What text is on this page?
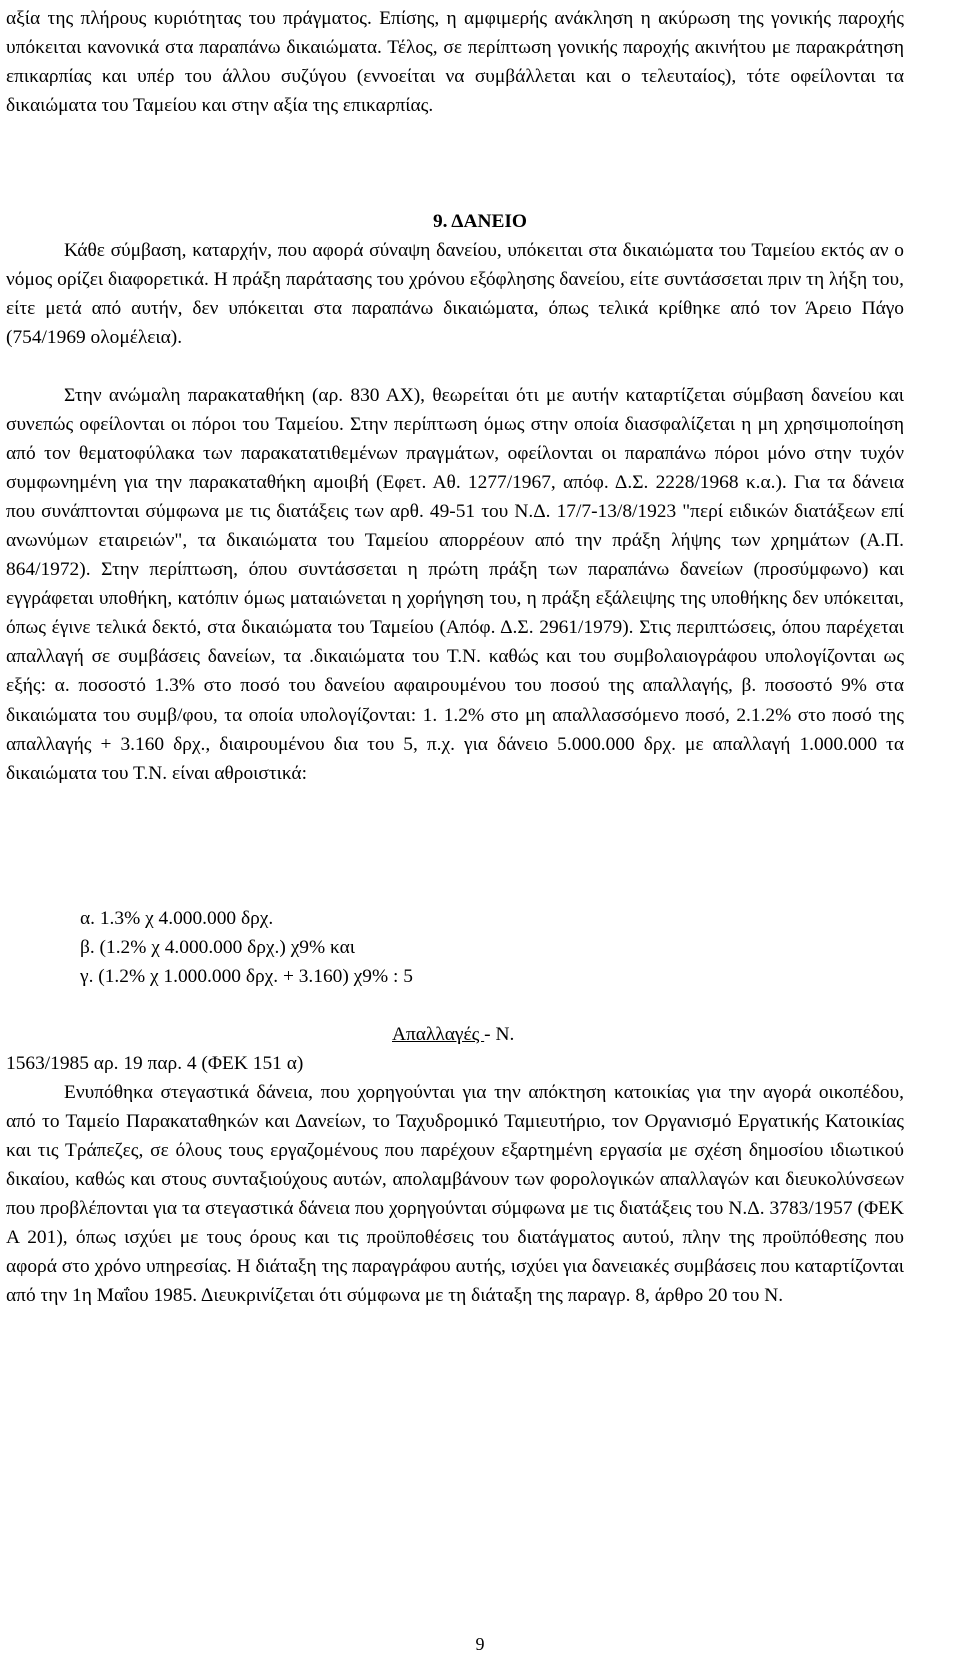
αξία της πλήρους κυριότητας του πράγματος. Επίσης, η αμφιμερής ανάκληση η ακύρωση της γονικής παροχής υπόκειται κανονικά στα παραπάνω δικαιώματα. Τέλος, σε περίπτωση γονικής παροχής ακινήτου με παρακράτηση επικαρπίας και υπέρ του άλλου συζύγου (εννοείται να συμβάλλεται και ο τελευταίος), τότε οφείλονται τα δικαιώματα του Ταμείου και στην αξία της επικαρπίας.

9. ΔΑΝΕΙΟ

Κάθε σύμβαση, καταρχήν, που αφορά σύναψη δανείου, υπόκειται στα δικαιώματα του Ταμείου εκτός αν ο νόμος ορίζει διαφορετικά. Η πράξη παράτασης του χρόνου εξόφλησης δανείου, είτε συντάσσεται πριν τη λήξη του, είτε μετά από αυτήν, δεν υπόκειται στα παραπάνω δικαιώματα, όπως τελικά κρίθηκε από τον Άρειο Πάγο (754/1969 ολομέλεια).

Στην ανώμαλη παρακαταθήκη (αρ. 830 ΑΧ), θεωρείται ότι με αυτήν καταρτίζεται σύμβαση δανείου και συνεπώς οφείλονται οι πόροι του Ταμείου. Στην περίπτωση όμως στην οποία διασφαλίζεται η μη χρησιμοποίηση από τον θεματοφύλακα των παρακατατιθεμένων πραγμάτων, οφείλονται οι παραπάνω πόροι μόνο στην τυχόν συμφωνημένη για την παρακαταθήκη αμοιβή (Εφετ. Αθ. 1277/1967, απόφ. Δ.Σ. 2228/1968 κ.α.). Για τα δάνεια που συνάπτονται σύμφωνα με τις διατάξεις των αρθ. 49-51 του Ν.Δ. 17/7-13/8/1923 "περί ειδικών διατάξεων επί ανωνύμων εταιρειών", τα δικαιώματα του Ταμείου απορρέουν από την πράξη λήψης των χρημάτων (Α.Π. 864/1972). Στην περίπτωση, όπου συντάσσεται η πρώτη πράξη των παραπάνω δανείων (προσύμφωνο) και εγγράφεται υποθήκη, κατόπιν όμως ματαιώνεται η χορήγηση του, η πράξη εξάλειψης της υποθήκης δεν υπόκειται, όπως έγινε τελικά δεκτό, στα δικαιώματα του Ταμείου (Απόφ. Δ.Σ. 2961/1979). Στις περιπτώσεις, όπου παρέχεται απαλλαγή σε συμβάσεις δανείων, τα .δικαιώματα του Τ.Ν. καθώς και του συμβολαιογράφου υπολογίζονται ως εξής: α. ποσοστό 1.3% στο ποσό του δανείου αφαιρουμένου του ποσού της απαλλαγής, β. ποσοστό 9% στα δικαιώματα του συμβ/φου, τα οποία υπολογίζονται: 1. 1.2% στο μη απαλλασσόμενο ποσό, 2.1.2% στο ποσό της απαλλαγής + 3.160 δρχ., διαιρουμένου δια του 5, π.χ. για δάνειο 5.000.000 δρχ. με απαλλαγή 1.000.000 τα δικαιώματα του Τ.Ν. είναι αθροιστικά:

α. 1.3% χ 4.000.000 δρχ.

β. (1.2% χ 4.000.000 δρχ.) χ9% και

γ. (1.2% χ 1.000.000 δρχ. + 3.160) χ9% : 5

Απαλλαγές - Ν.

1563/1985 αρ. 19 παρ. 4 (ΦΕΚ 151 α)

Ενυπόθηκα στεγαστικά δάνεια, που χορηγούνται για την απόκτηση κατοικίας για την αγορά οικοπέδου, από το Ταμείο Παρακαταθηκών και Δανείων, το Ταχυδρομικό Ταμιευτήριο, τον Οργανισμό Εργατικής Κατοικίας και τις Τράπεζες, σε όλους τους εργαζομένους που παρέχουν εξαρτημένη εργασία με σχέση δημοσίου ιδιωτικού δικαίου, καθώς και στους συνταξιούχους αυτών, απολαμβάνουν των φορολογικών απαλλαγών και διευκολύνσεων που προβλέπονται για τα στεγαστικά δάνεια που χορηγούνται σύμφωνα με τις διατάξεις του Ν.Δ. 3783/1957 (ΦΕΚ Α 201), όπως ισχύει με τους όρους και τις προϋποθέσεις του διατάγματος αυτού, πλην της προϋπόθεσης που αφορά στο χρόνο υπηρεσίας. Η διάταξη της παραγράφου αυτής, ισχύει για δανειακές συμβάσεις που καταρτίζονται από την 1η Μαΐου 1985. Διευκρινίζεται ότι σύμφωνα με τη διάταξη της παραγρ. 8, άρθρο 20 του Ν.

9
